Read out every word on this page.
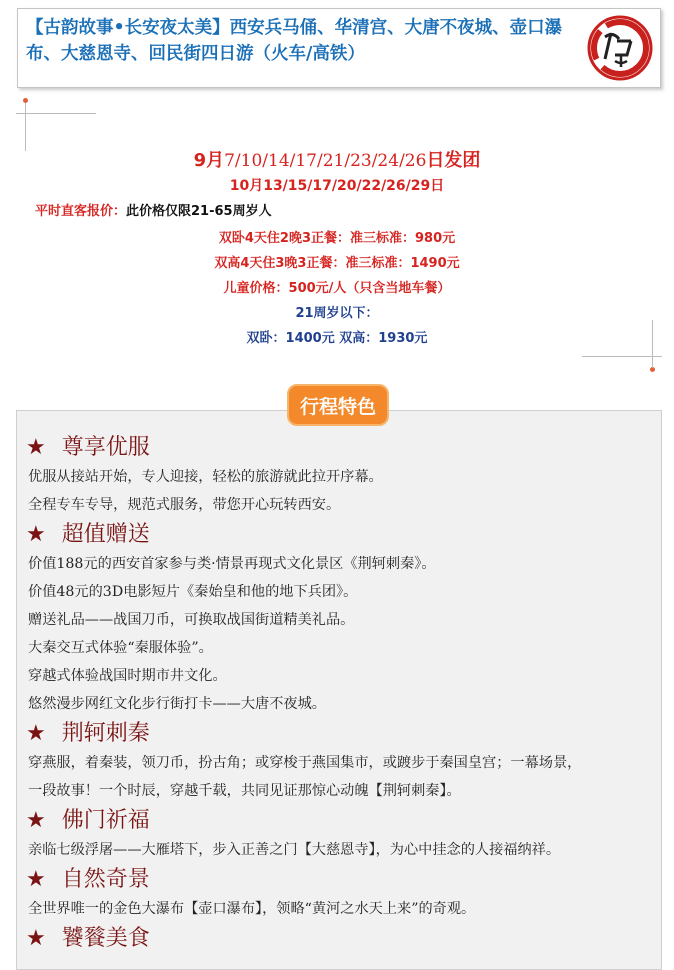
【古韵故事•长安夜太美】西安兵马俑、华清宫、大唐不夜城、壶口瀑布、大慈恩寺、回民街四日游（火车/高铁）
9月7/10/14/17/21/23/24/26日发团
10月13/15/17/20/22/26/29日
平时直客报价：此价格仅限21-65周岁人
双卧4天住2晚3正餐：准三标准：980元
双高4天住3晚3正餐：准三标准：1490元
儿童价格：500元/人（只含当地车餐）
21周岁以下：
双卧：1400元 双高：1930元
行程特色
★ 尊享优服
优服从接站开始，专人迎接，轻松的旅游就此拉开序幕。
全程专车专导，规范式服务，带您开心玩转西安。
★ 超值赠送
价值188元的西安首家参与类·情景再现式文化景区《荆轲刺秦》。
价值48元的3D电影短片《秦始皇和他的地下兵团》。
赠送礼品——战国刀币，可换取战国街道精美礼品。
大秦交互式体验“秦服体验”。
穿越式体验战国时期市井文化。
悠然漫步网红文化步行街打卡——大唐不夜城。
★ 荆轲刺秦
穿燕服，着秦装，领刀币，扮古角；或穿梭于燕国集市，或踱步于秦国皇宫；一幕场景，
一段故事！一个时辰，穿越千载，共同见证那惊心动魄【荆轲刺秦】。
★ 佛门祈福
亲临七级浮屠——大雁塔下，步入正善之门【大慈恩寺】，为心中挂念的人接福纳祥。
★ 自然奇景
全世界唯一的金色大瀑布【壶口瀑布】，领略“黄河之水天上来”的奇观。
★ 饕餮美食
